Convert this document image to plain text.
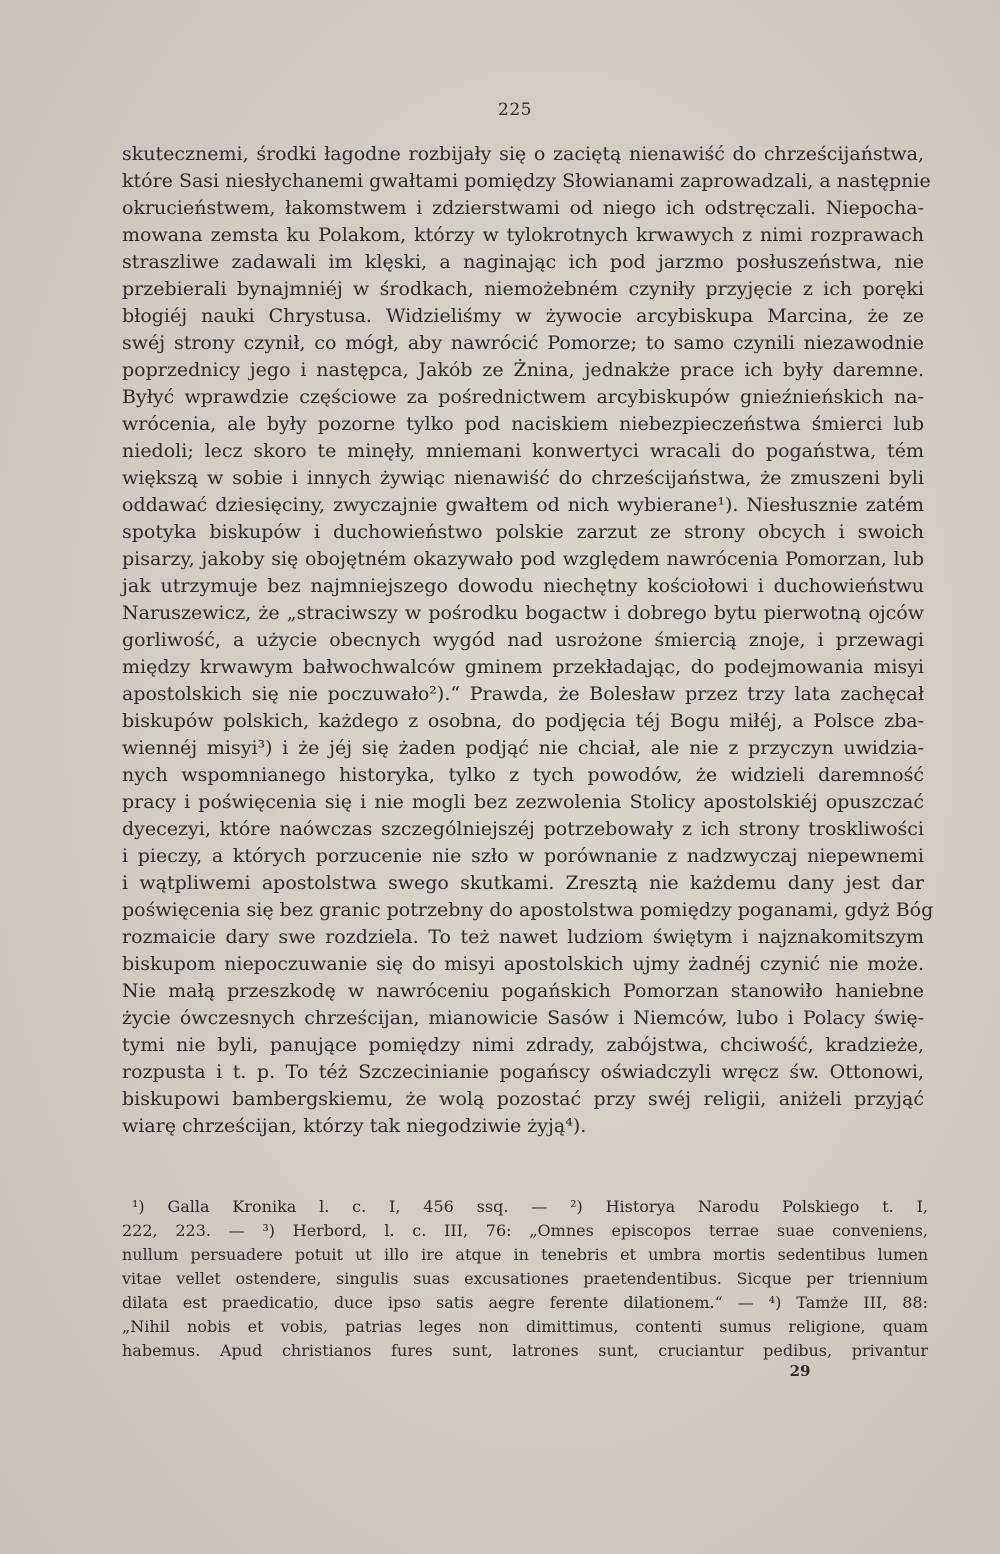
225
skutecznemi, środki łagodne rozbijały się o zaciętą nienawiść do chrześcijaństwa,
które Sasi niesłychanemi gwałtami pomiędzy Słowianami zaprowadzali, a następnie
okrucieństwem, łakomstwem i zdzierstwami od niego ich odstręczali. Niepocha-
mowana zemsta ku Polakom, którzy w tylokrotnych krwawych z nimi rozprawach
straszliwe zadawali im klęski, a naginając ich pod jarzmo posłuszeństwa, nie
przebierali bynajmniéj w środkach, niemożebném czyniły przyjęcie z ich poręki
błogiéj nauki Chrystusa. Widzieliśmy w żywocie arcybiskupa Marcina, że ze
swéj strony czynił, co mógł, aby nawrócić Pomorze; to samo czynili niezawodnie
poprzednicy jego i następca, Jakób ze Żnina, jednakże prace ich były daremne.
Byłyć wprawdzie częściowe za pośrednictwem arcybiskupów gnieźnieńskich na-
wrócenia, ale były pozorne tylko pod naciskiem niebezpieczeństwa śmierci lub
niedoli; lecz skoro te minęły, mniemani konwertyci wracali do pogaństwa, tém
większą w sobie i innych żywiąc nienawiść do chrześcijaństwa, że zmuszeni byli
oddawać dziesięciny, zwyczajnie gwałtem od nich wybierane¹). Niesłusznie zatém
spotyka biskupów i duchowieństwo polskie zarzut ze strony obcych i swoich
pisarzy, jakoby się obojętném okazywało pod względem nawrócenia Pomorzan, lub
jak utrzymuje bez najmniejszego dowodu niechętny kościołowi i duchowieństwu
Naruszewicz, że „straciwszy w pośrodku bogactw i dobrego bytu pierwotną ojców
gorliwość, a użycie obecnych wygód nad usrożone śmiercią znoje, i przewagi
między krwawym bałwochwalców gminem przekładając, do podejmowania misyi
apostolskich się nie poczuwało²).“ Prawda, że Bolesław przez trzy lata zachęcał
biskupów polskich, każdego z osobna, do podjęcia téj Bogu miłéj, a Polsce zba-
wiennéj misyi³) i że jéj się żaden podjąć nie chciał, ale nie z przyczyn uwidzia-
nych wspomnianego historyka, tylko z tych powodów, że widzieli daremność
pracy i poświęcenia się i nie mogli bez zezwolenia Stolicy apostolskiéj opuszczać
dyecezyi, które naówczas szczególniejszéj potrzebowały z ich strony troskliwości
i pieczy, a których porzucenie nie szło w porównanie z nadzwyczaj niepewnemi
i wątpliwemi apostolstwa swego skutkami. Zresztą nie każdemu dany jest dar
poświęcenia się bez granic potrzebny do apostolstwa pomiędzy poganami, gdyż Bóg
rozmaicie dary swe rozdziela. To też nawet ludziom świętym i najznakomitszym
biskupom niepoczuwanie się do misyi apostolskich ujmy żadnéj czynić nie może.
Nie małą przeszkodę w nawróceniu pogańskich Pomorzan stanowiło haniebne
życie ówczesnych chrześcijan, mianowicie Sasów i Niemców, lubo i Polacy świę-
tymi nie byli, panujące pomiędzy nimi zdrady, zabójstwa, chciwość, kradzieże,
rozpusta i t. p. To téż Szczecinianie pogańscy oświadczyli wręcz św. Ottonowi,
biskupowi bambergskiemu, że wolą pozostać przy swéj religii, aniżeli przyjąć
wiarę chrześcijan, którzy tak niegodziwie żyją⁴).
¹) Galla Kronika l. c. I, 456 ssq. — ²) Historya Narodu Polskiego t. I,
222, 223. — ³) Herbord, l. c. III, 76: „Omnes episcopos terrae suae conveniens,
nullum persuadere potuit ut illo ire atque in tenebris et umbra mortis sedentibus lumen
vitae vellet ostendere, singulis suas excusationes praetendentibus. Sicque per triennium
dilata est praedicatio, duce ipso satis aegre ferente dilationem.“ — ⁴) Tamże III, 88:
„Nihil nobis et vobis, patrias leges non dimittimus, contenti sumus religione, quam
habemus. Apud christianos fures sunt, latrones sunt, cruciantur pedibus, privantur
29
